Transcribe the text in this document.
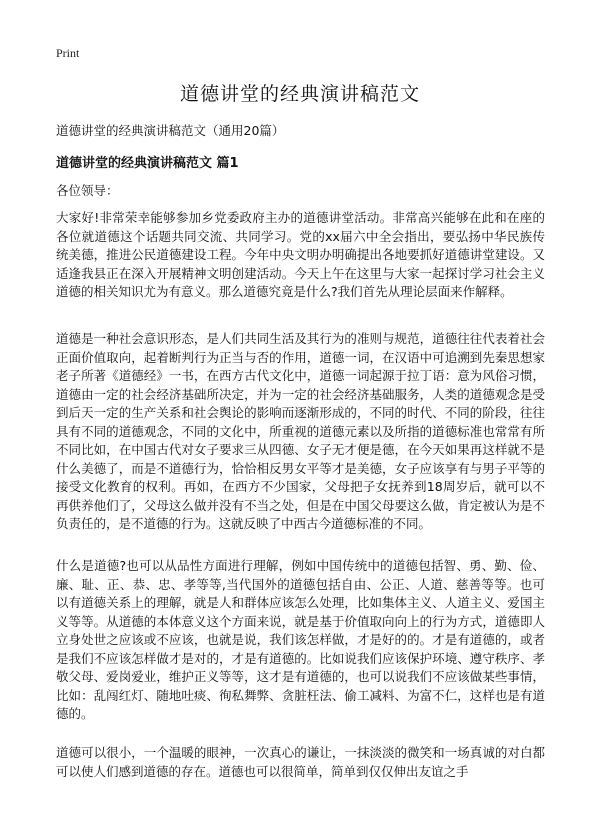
Print
道德讲堂的经典演讲稿范文
道德讲堂的经典演讲稿范文（通用20篇）
道德讲堂的经典演讲稿范文 篇1
各位领导：

大家好!非常荣幸能够参加乡党委政府主办的道德讲堂活动。非常高兴能够在此和在座的各位就道德这个话题共同交流、共同学习。党的xx届六中全会指出，要弘扬中华民族传统美德，推进公民道德建设工程。今年中央文明办明确提出各地要抓好道德讲堂建设。又适逢我县正在深入开展精神文明创建活动。今天上午在这里与大家一起探讨学习社会主义道德的相关知识尤为有意义。那么道德究竟是什么?我们首先从理论层面来作解释。

道德是一种社会意识形态，是人们共同生活及其行为的准则与规范，道德往往代表着社会正面价值取向，起着断判行为正当与否的作用，道德一词，在汉语中可追溯到先秦思想家老子所著《道德经》一书，在西方古代文化中，道德一词起源于拉丁语：意为风俗习惯，道德由一定的社会经济基础所决定，并为一定的社会经济基础服务，人类的道德观念是受到后天一定的生产关系和社会舆论的影响而逐渐形成的，不同的时代、不同的阶段，往往具有不同的道德观念，不同的文化中，所重视的道德元素以及所指的道德标准也常常有所不同比如，在中国古代对女子要求三从四德、女子无才便是德，在今天如果再这样就不是什么美德了，而是不道德行为，恰恰相反男女平等才是美德，女子应该享有与男子平等的接受文化教育的权利。再如，在西方不少国家，父母把子女抚养到18周岁后，就可以不再供养他们了，父母这么做并没有不当之处，但是在中国父母要这么做，肯定被认为是不负责任的，是不道德的行为。这就反映了中西古今道德标准的不同。

什么是道德?也可以从品性方面进行理解，例如中国传统中的道德包括智、勇、勤、俭、廉、耻、正、恭、忠、孝等等,当代国外的道德包括自由、公正、人道、慈善等等。也可以有道德关系上的理解，就是人和群体应该怎么处理，比如集体主义、人道主义、爱国主义等等。从道德的本体意义这个方面来说，就是基于价值取向向上的行为方式，道德即人立身处世之应该或不应该，也就是说，我们该怎样做，才是好的的。才是有道德的，或者是我们不应该怎样做才是对的，才是有道德的。比如说我们应该保护环境、遵守秩序、孝敬父母、爱岗爱业，维护正义等等，这才是有道德的，也可以说我们不应该做某些事情，比如：乱闯红灯、随地吐痰、徇私舞弊、贪脏枉法、偷工减料、为富不仁，这样也是有道德的。

道德可以很小，一个温暖的眼神，一次真心的谦让，一抹淡淡的微笑和一场真诚的对白都可以使人们感到道德的存在。道德也可以很简单，简单到仅仅伸出友谊之手
